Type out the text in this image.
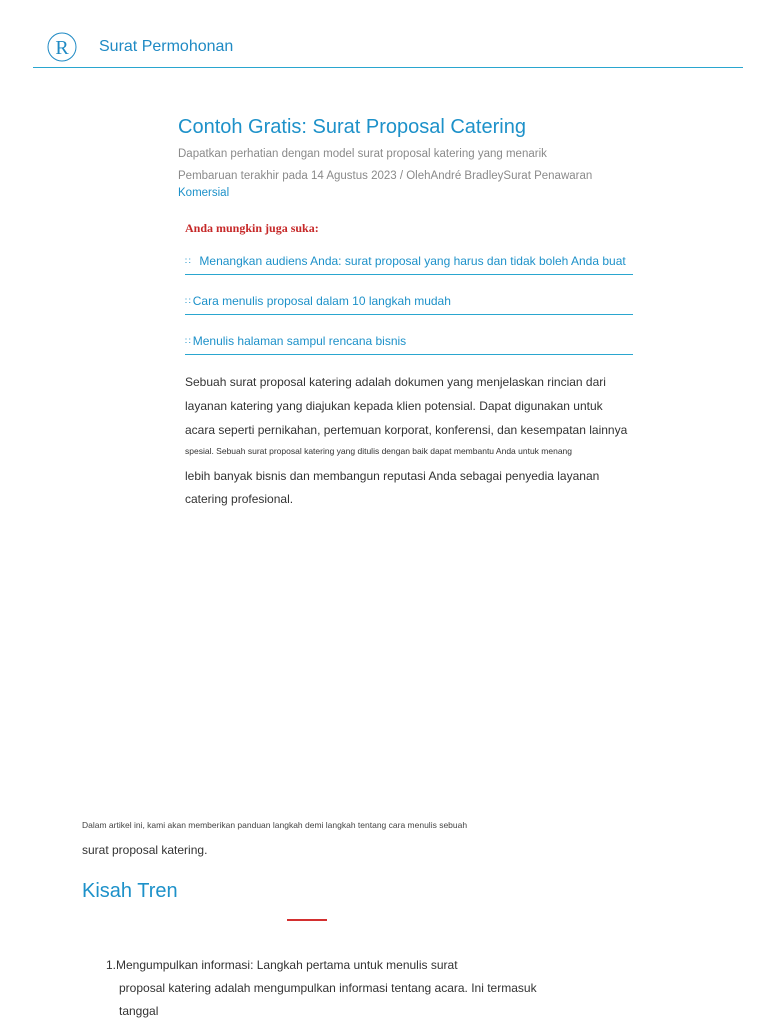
R Surat Permohonan
Contoh Gratis: Surat Proposal Catering
Dapatkan perhatian dengan model surat proposal katering yang menarik
Pembaruan terakhir pada 14 Agustus 2023 / OlehAndré BradleySurat Penawaran
Komersial
Anda mungkin juga suka:
∷  Menangkan audiens Anda: surat proposal yang harus dan tidak boleh Anda buat
∷ Cara menulis proposal dalam 10 langkah mudah
∷ Menulis halaman sampul rencana bisnis
Sebuah surat proposal katering adalah dokumen yang menjelaskan rincian dari
layanan katering yang diajukan kepada klien potensial. Dapat digunakan untuk
acara seperti pernikahan, pertemuan korporat, konferensi, dan kesempatan lainnya
spesial. Sebuah surat proposal katering yang ditulis dengan baik dapat membantu Anda untuk menang
lebih banyak bisnis dan membangun reputasi Anda sebagai penyedia layanan
catering profesional.
Dalam artikel ini, kami akan memberikan panduan langkah demi langkah tentang cara menulis sebuah
surat proposal katering.
Kisah Tren
1.Mengumpulkan informasi: Langkah pertama untuk menulis surat
proposal katering adalah mengumpulkan informasi tentang acara. Ini termasuk
tanggal
